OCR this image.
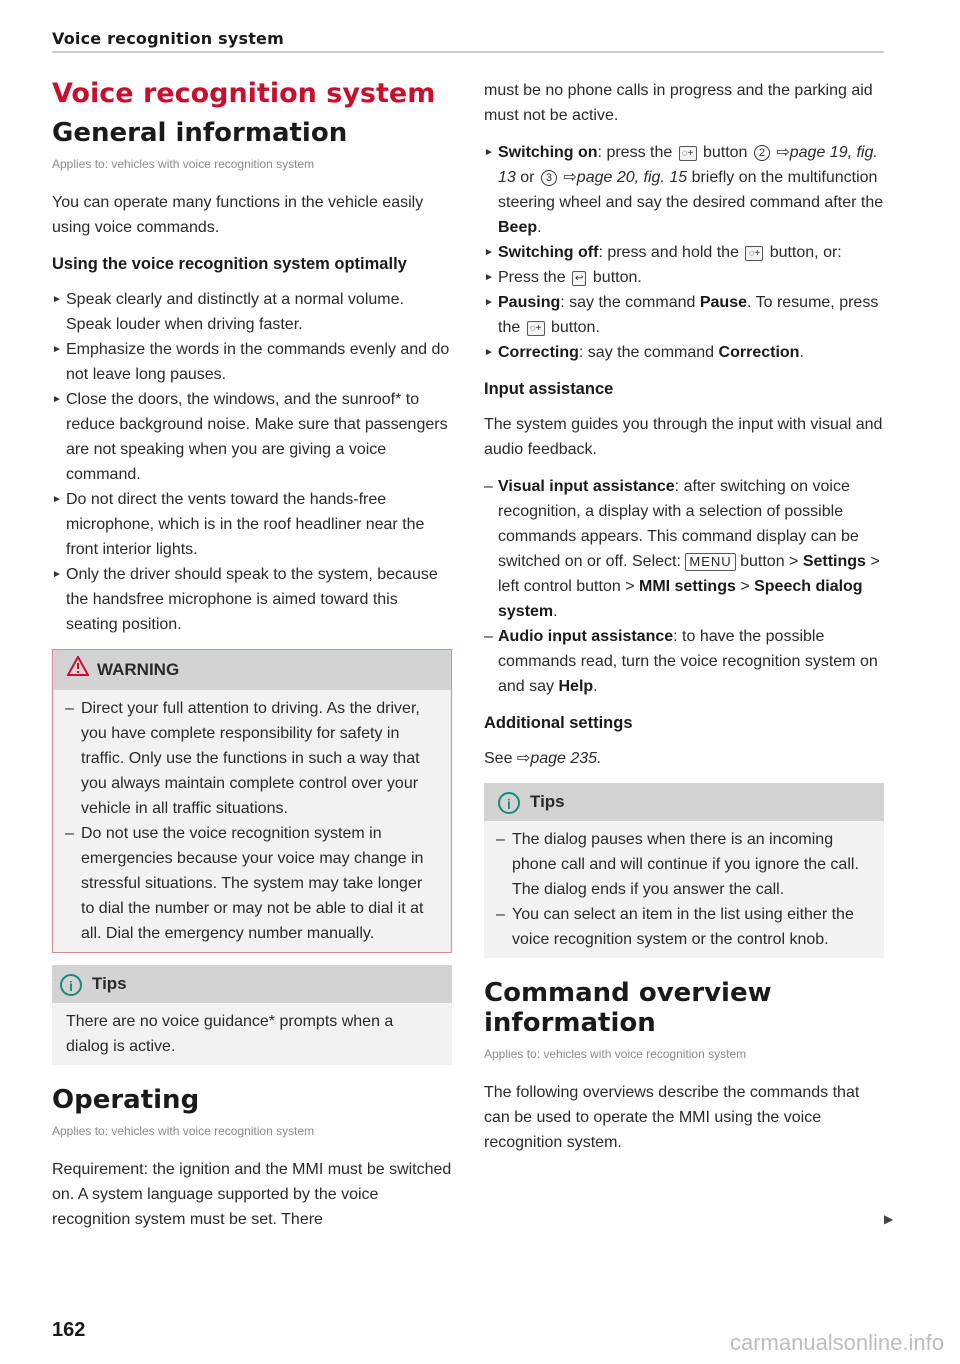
Voice recognition system
Voice recognition system
General information
Applies to: vehicles with voice recognition system

You can operate many functions in the vehicle easily using voice commands.

Using the voice recognition system optimally
► Speak clearly and distinctly at a normal volume. Speak louder when driving faster.
► Emphasize the words in the commands evenly and do not leave long pauses.
► Close the doors, the windows, and the sunroof* to reduce background noise. Make sure that passengers are not speaking when you are giving a voice command.
► Do not direct the vents toward the hands-free microphone, which is in the roof headliner near the front interior lights.
► Only the driver should speak to the system, because the handsfree microphone is aimed toward this seating position.
WARNING
– Direct your full attention to driving. As the driver, you have complete responsibility for safety in traffic. Only use the functions in such a way that you always maintain complete control over your vehicle in all traffic situations.
– Do not use the voice recognition system in emergencies because your voice may change in stressful situations. The system may take longer to dial the number or may not be able to dial it at all. Dial the emergency number manually.
i Tips
There are no voice guidance* prompts when a dialog is active.
Operating
Applies to: vehicles with voice recognition system

Requirement: the ignition and the MMI must be switched on. A system language supported by the voice recognition system must be set. There

must be no phone calls in progress and the parking aid must not be active.

► Switching on: press the ◌+ button 2 ⇨page 19, fig. 13 or 3 ⇨page 20, fig. 15 briefly on the multifunction steering wheel and say the desired command after the Beep.
► Switching off: press and hold the ◌+ button, or:
► Press the ↩ button.
► Pausing: say the command Pause. To resume, press the ◌+ button.
► Correcting: say the command Correction.
Input assistance

The system guides you through the input with visual and audio feedback.

– Visual input assistance: after switching on voice recognition, a display with a selection of possible commands appears. This command display can be switched on or off. Select: MENU button > Settings > left control button > MMI settings > Speech dialog system.
– Audio input assistance: to have the possible commands read, turn the voice recognition system on and say Help.
Additional settings

See ⇨page 235.

i Tips
– The dialog pauses when there is an incoming phone call and will continue if you ignore the call. The dialog ends if you answer the call.
– You can select an item in the list using either the voice recognition system or the control knob.
Command overview information
Applies to: vehicles with voice recognition system

The following overviews describe the commands that can be used to operate the MMI using the voice recognition system.

▶
162	carmanualsonline.info
